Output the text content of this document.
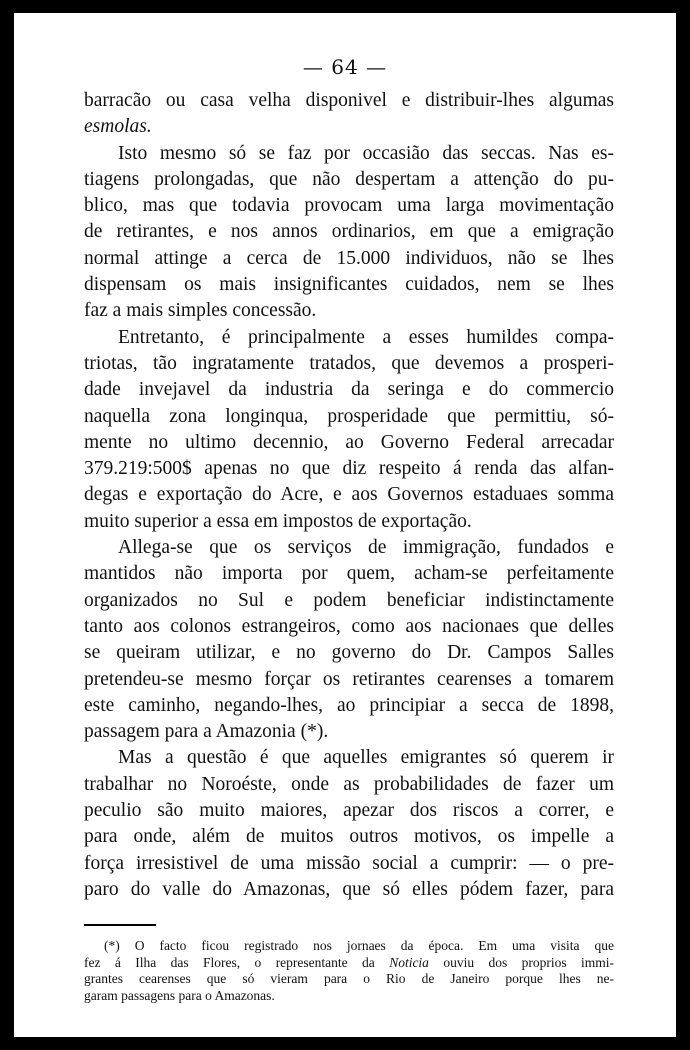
— 64 —
barracão ou casa velha disponivel e distribuir-lhes algumas
esmolas.
Isto mesmo só se faz por occasião das seccas. Nas es-
tiagens prolongadas, que não despertam a attenção do pu-
blico, mas que todavia provocam uma larga movimentação
de retirantes, e nos annos ordinarios, em que a emigração
normal attinge a cerca de 15.000 individuos, não se lhes
dispensam os mais insignificantes cuidados, nem se lhes
faz a mais simples concessão.
Entretanto, é principalmente a esses humildes compa-
triotas, tão ingratamente tratados, que devemos a prosperi-
dade invejavel da industria da seringa e do commercio
naquella zona longinqua, prosperidade que permittiu, só-
mente no ultimo decennio, ao Governo Federal arrecadar
379.219:500$ apenas no que diz respeito á renda das alfan-
degas e exportação do Acre, e aos Governos estaduaes somma
muito superior a essa em impostos de exportação.
Allega-se que os serviços de immigração, fundados e
mantidos não importa por quem, acham-se perfeitamente
organizados no Sul e podem beneficiar indistinctamente
tanto aos colonos estrangeiros, como aos nacionaes que delles
se queiram utilizar, e no governo do Dr. Campos Salles
pretendeu-se mesmo forçar os retirantes cearenses a tomarem
este caminho, negando-lhes, ao principiar a secca de 1898,
passagem para a Amazonia (*).
Mas a questão é que aquelles emigrantes só querem ir
trabalhar no Noroéste, onde as probabilidades de fazer um
peculio são muito maiores, apezar dos riscos a correr, e
para onde, além de muitos outros motivos, os impelle a
força irresistivel de uma missão social a cumprir: — o pre-
paro do valle do Amazonas, que só elles pódem fazer, para
(*) O facto ficou registrado nos jornaes da época. Em uma visita que
fez á Ilha das Flores, o representante da Noticia ouviu dos proprios immi-
grantes cearenses que só vieram para o Rio de Janeiro porque lhes ne-
garam passagens para o Amazonas.
